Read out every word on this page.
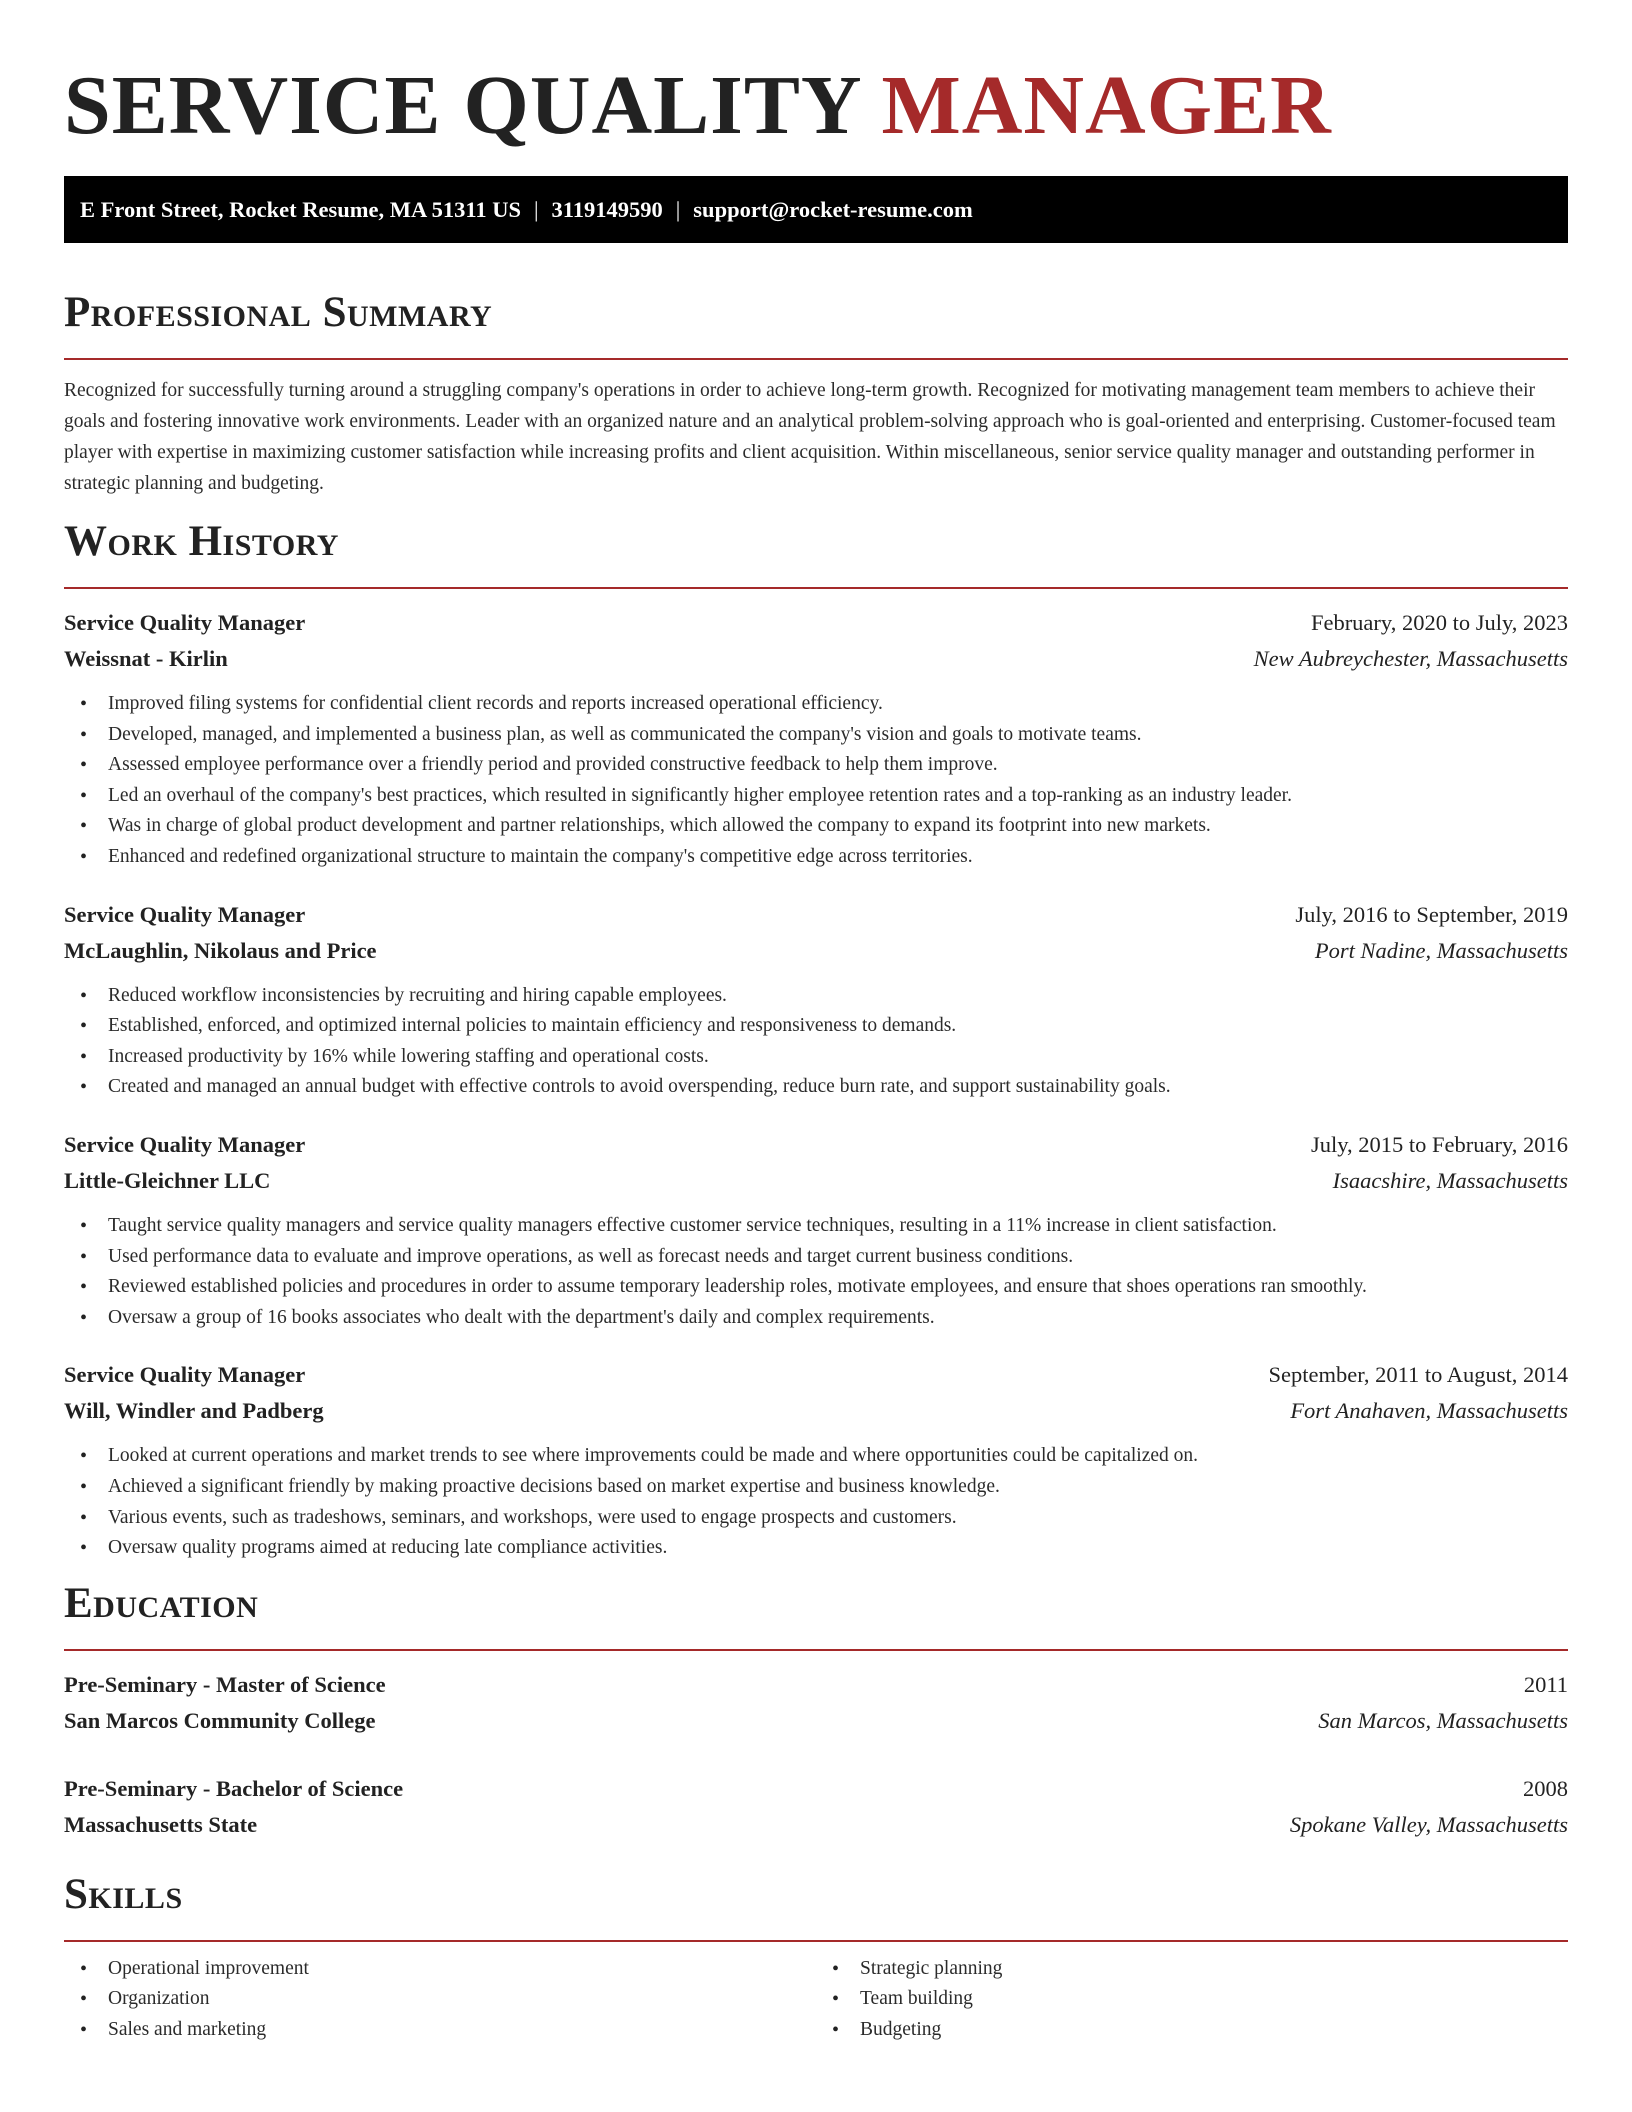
SERVICE QUALITY MANAGER
E Front Street, Rocket Resume, MA 51311 US | 3119149590 | support@rocket-resume.com
Professional Summary

Recognized for successfully turning around a struggling company's operations in order to achieve long-term growth. Recognized for motivating management team members to achieve their goals and fostering innovative work environments. Leader with an organized nature and an analytical problem-solving approach who is goal-oriented and enterprising. Customer-focused team player with expertise in maximizing customer satisfaction while increasing profits and client acquisition. Within miscellaneous, senior service quality manager and outstanding performer in strategic planning and budgeting.

Work History
Service Quality Manager	February, 2020 to July, 2023
Weissnat - Kirlin	New Aubreychester, Massachusetts
• Improved filing systems for confidential client records and reports increased operational efficiency.
• Developed, managed, and implemented a business plan, as well as communicated the company's vision and goals to motivate teams.
• Assessed employee performance over a friendly period and provided constructive feedback to help them improve.
• Led an overhaul of the company's best practices, which resulted in significantly higher employee retention rates and a top-ranking as an industry leader.
• Was in charge of global product development and partner relationships, which allowed the company to expand its footprint into new markets.
• Enhanced and redefined organizational structure to maintain the company's competitive edge across territories.
Service Quality Manager	July, 2016 to September, 2019
McLaughlin, Nikolaus and Price	Port Nadine, Massachusetts
• Reduced workflow inconsistencies by recruiting and hiring capable employees.
• Established, enforced, and optimized internal policies to maintain efficiency and responsiveness to demands.
• Increased productivity by 16% while lowering staffing and operational costs.
• Created and managed an annual budget with effective controls to avoid overspending, reduce burn rate, and support sustainability goals.
Service Quality Manager	July, 2015 to February, 2016
Little-Gleichner LLC	Isaacshire, Massachusetts
• Taught service quality managers and service quality managers effective customer service techniques, resulting in a 11% increase in client satisfaction.
• Used performance data to evaluate and improve operations, as well as forecast needs and target current business conditions.
• Reviewed established policies and procedures in order to assume temporary leadership roles, motivate employees, and ensure that shoes operations ran smoothly.
• Oversaw a group of 16 books associates who dealt with the department's daily and complex requirements.
Service Quality Manager	September, 2011 to August, 2014
Will, Windler and Padberg	Fort Anahaven, Massachusetts
• Looked at current operations and market trends to see where improvements could be made and where opportunities could be capitalized on.
• Achieved a significant friendly by making proactive decisions based on market expertise and business knowledge.
• Various events, such as tradeshows, seminars, and workshops, were used to engage prospects and customers.
• Oversaw quality programs aimed at reducing late compliance activities.
Education
Pre-Seminary - Master of Science	2011
San Marcos Community College	San Marcos, Massachusetts
Pre-Seminary - Bachelor of Science	2008
Massachusetts State	Spokane Valley, Massachusetts
Skills
• Operational improvement
• Organization
• Sales and marketing
• Strategic planning
• Team building
• Budgeting
